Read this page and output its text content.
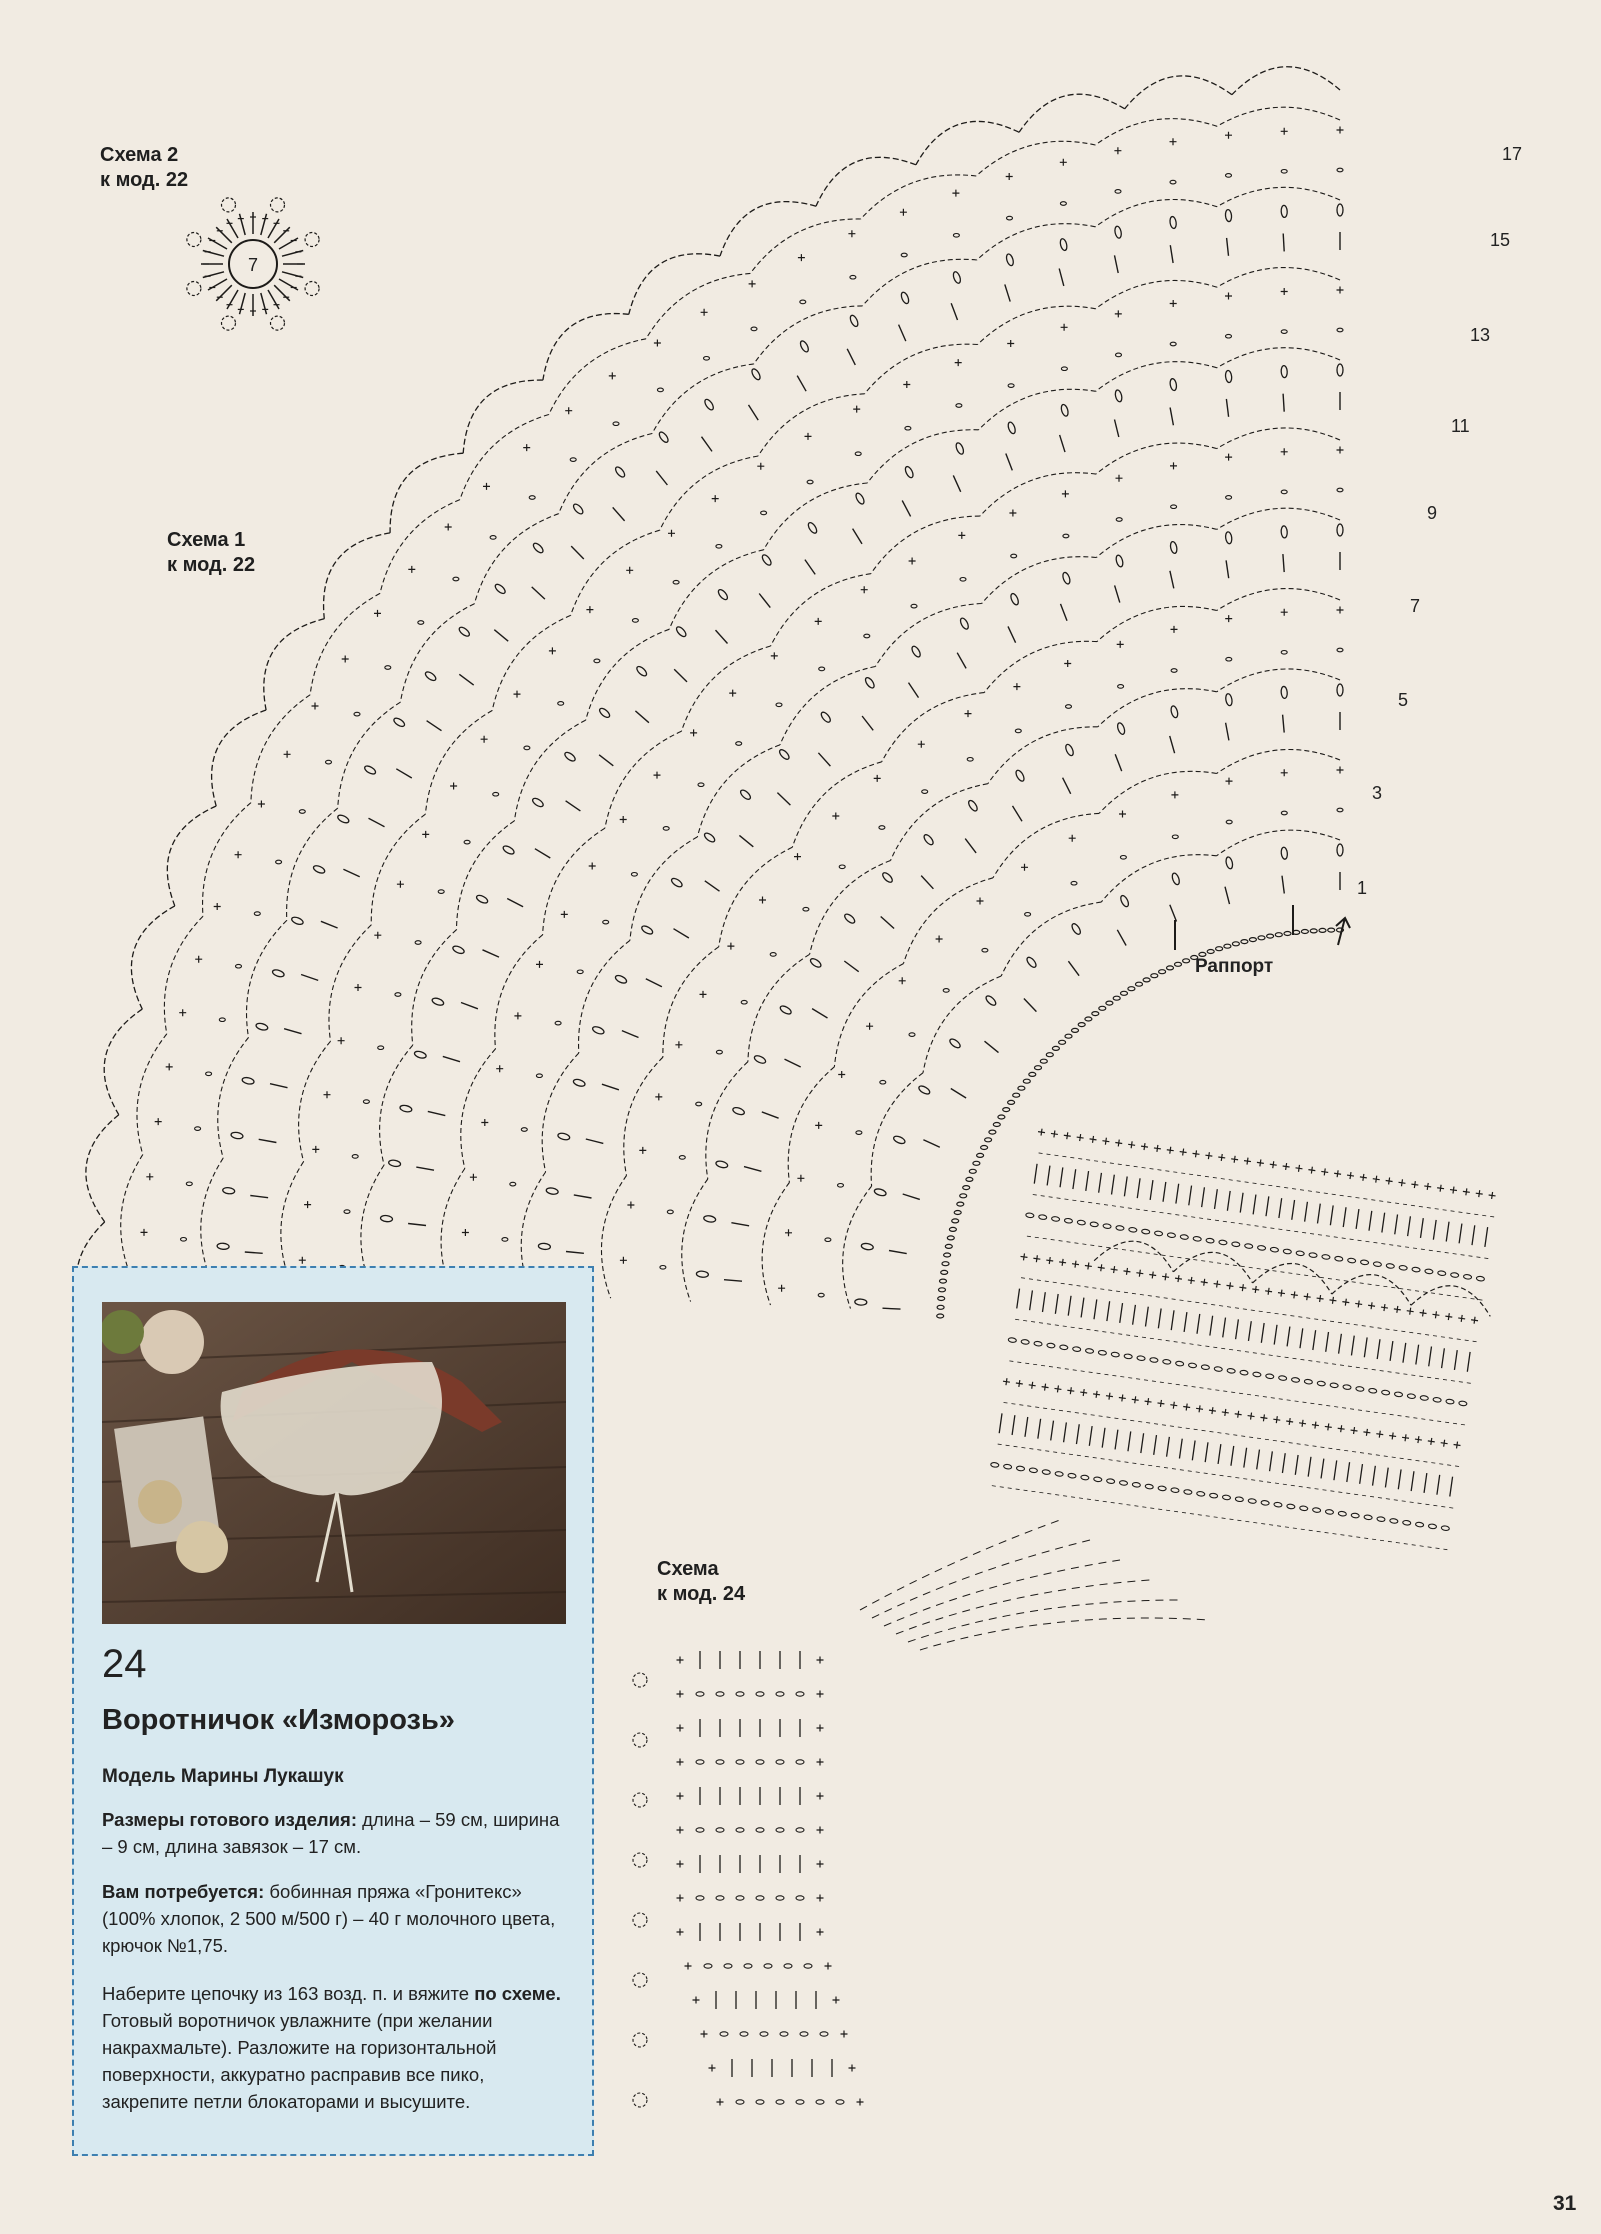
7
1
3
5
7
9
11
13
15
17
Раппорт
Схема 2
к мод. 22
Схема 1
к мод. 22
Схема
к мод. 24
24
Воротничок «Изморозь»
Модель Марины Лукашук
Размеры готового изделия: длина – 59 см, ширина – 9 см, длина завязок – 17 см.
Вам потребуется: бобинная пряжа «Гронитекс» (100% хлопок, 2 500 м/500 г) – 40 г молочного цвета, крючок №1,75.
Наберите цепочку из 163 возд. п. и вяжите по схеме. Готовый воротничок увлажните (при желании накрахмальте). Разложите на горизонтальной поверхности, аккуратно расправив все пико, закрепите петли блокаторами и высушите.
31
